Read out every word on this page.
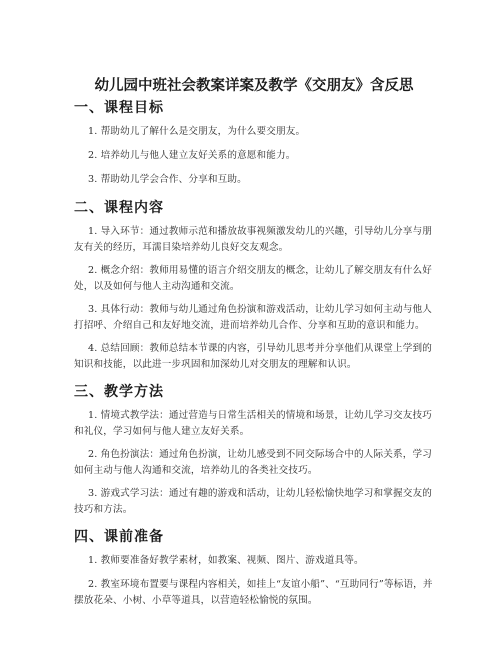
幼儿园中班社会教案详案及教学《交朋友》含反思
一、课程目标

1. 帮助幼儿了解什么是交朋友，为什么要交朋友。

2. 培养幼儿与他人建立友好关系的意愿和能力。

3. 帮助幼儿学会合作、分享和互助。

二、课程内容

1. 导入环节：通过教师示范和播放故事视频激发幼儿的兴趣，引导幼儿分享与朋友有关的经历，耳濡目染培养幼儿良好交友观念。

2. 概念介绍：教师用易懂的语言介绍交朋友的概念，让幼儿了解交朋友有什么好处，以及如何与他人主动沟通和交流。

3. 具体行动：教师与幼儿通过角色扮演和游戏活动，让幼儿学习如何主动与他人打招呼、介绍自己和友好地交流，进而培养幼儿合作、分享和互助的意识和能力。

4. 总结回顾：教师总结本节课的内容，引导幼儿思考并分享他们从课堂上学到的知识和技能，以此进一步巩固和加深幼儿对交朋友的理解和认识。

三、教学方法

1. 情境式教学法：通过营造与日常生活相关的情境和场景，让幼儿学习交友技巧和礼仪，学习如何与他人建立友好关系。

2. 角色扮演法：通过角色扮演，让幼儿感受到不同交际场合中的人际关系，学习如何主动与他人沟通和交流，培养幼儿的各类社交技巧。

3. 游戏式学习法：通过有趣的游戏和活动，让幼儿轻松愉快地学习和掌握交友的技巧和方法。

四、课前准备

1. 教师要准备好教学素材，如教案、视频、图片、游戏道具等。

2. 教室环境布置要与课程内容相关，如挂上“友谊小船”、“互助同行”等标语，并摆放花朵、小树、小草等道具，以营造轻松愉悦的氛围。
